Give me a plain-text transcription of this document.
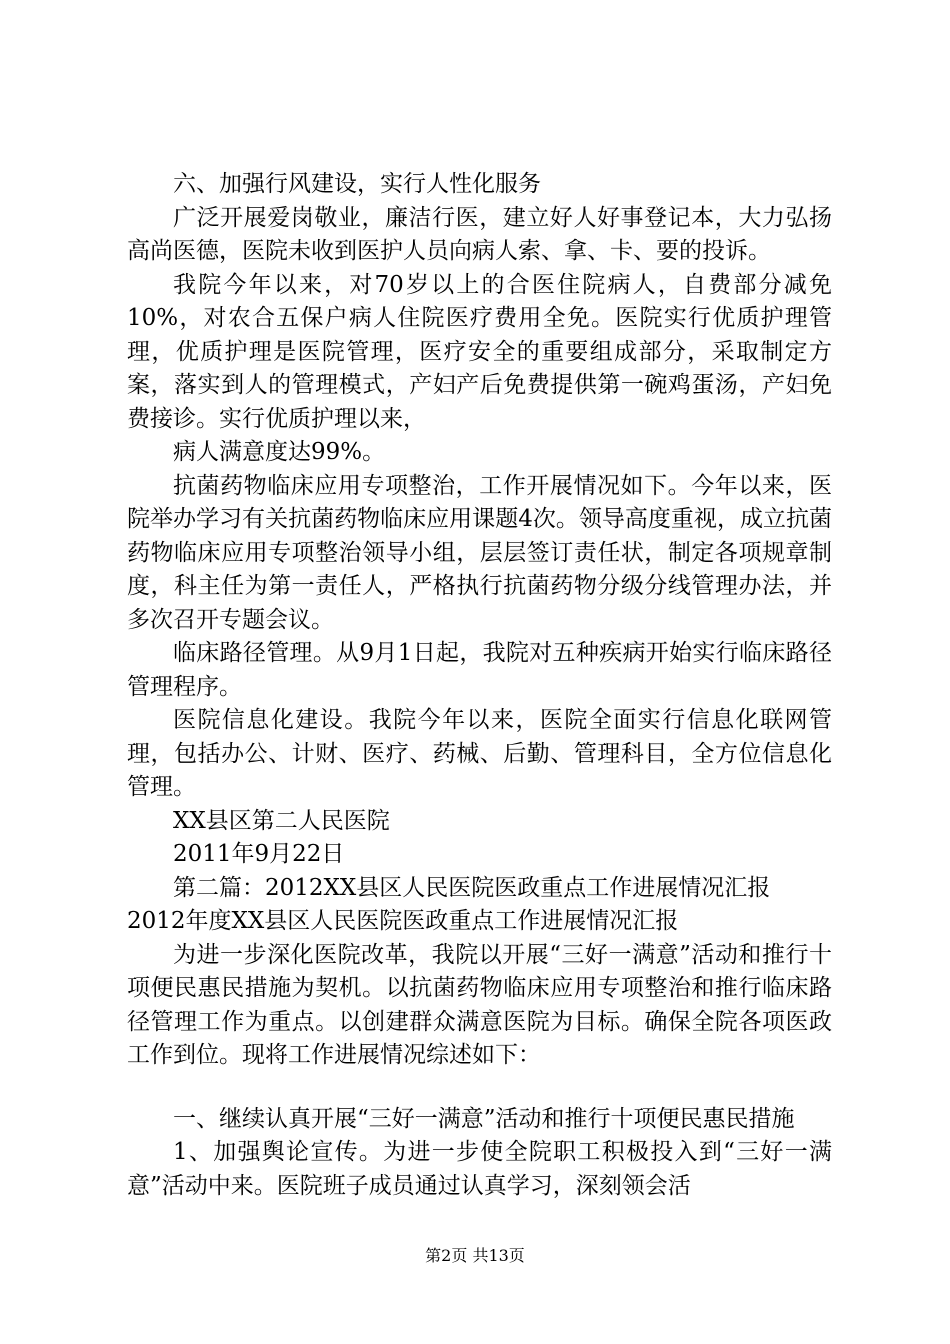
六、加强行风建设，实行人性化服务

广泛开展爱岗敬业，廉洁行医，建立好人好事登记本，大力弘扬高尚医德，医院未收到医护人员向病人索、拿、卡、要的投诉。

我院今年以来，对70岁以上的合医住院病人，自费部分减免10%，对农合五保户病人住院医疗费用全免。医院实行优质护理管理，优质护理是医院管理，医疗安全的重要组成部分，采取制定方案，落实到人的管理模式，产妇产后免费提供第一碗鸡蛋汤，产妇免费接诊。实行优质护理以来，

病人满意度达99%。

抗菌药物临床应用专项整治，工作开展情况如下。今年以来，医院举办学习有关抗菌药物临床应用课题4次。领导高度重视，成立抗菌药物临床应用专项整治领导小组，层层签订责任状，制定各项规章制度，科主任为第一责任人，严格执行抗菌药物分级分线管理办法，并多次召开专题会议。

临床路径管理。从9月1日起，我院对五种疾病开始实行临床路径管理程序。

医院信息化建设。我院今年以来，医院全面实行信息化联网管理，包括办公、计财、医疗、药械、后勤、管理科目，全方位信息化管理。

XX县区第二人民医院

2011年9月22日

第二篇：2012XX县区人民医院医政重点工作进展情况汇报

2012年度XX县区人民医院医政重点工作进展情况汇报

为进一步深化医院改革，我院以开展“三好一满意”活动和推行十项便民惠民措施为契机。以抗菌药物临床应用专项整治和推行临床路径管理工作为重点。以创建群众满意医院为目标。确保全院各项医政工作到位。现将工作进展情况综述如下：

一、继续认真开展“三好一满意”活动和推行十项便民惠民措施

1、加强舆论宣传。为进一步使全院职工积极投入到“三好一满意”活动中来。医院班子成员通过认真学习，深刻领会活

第2页 共13页
